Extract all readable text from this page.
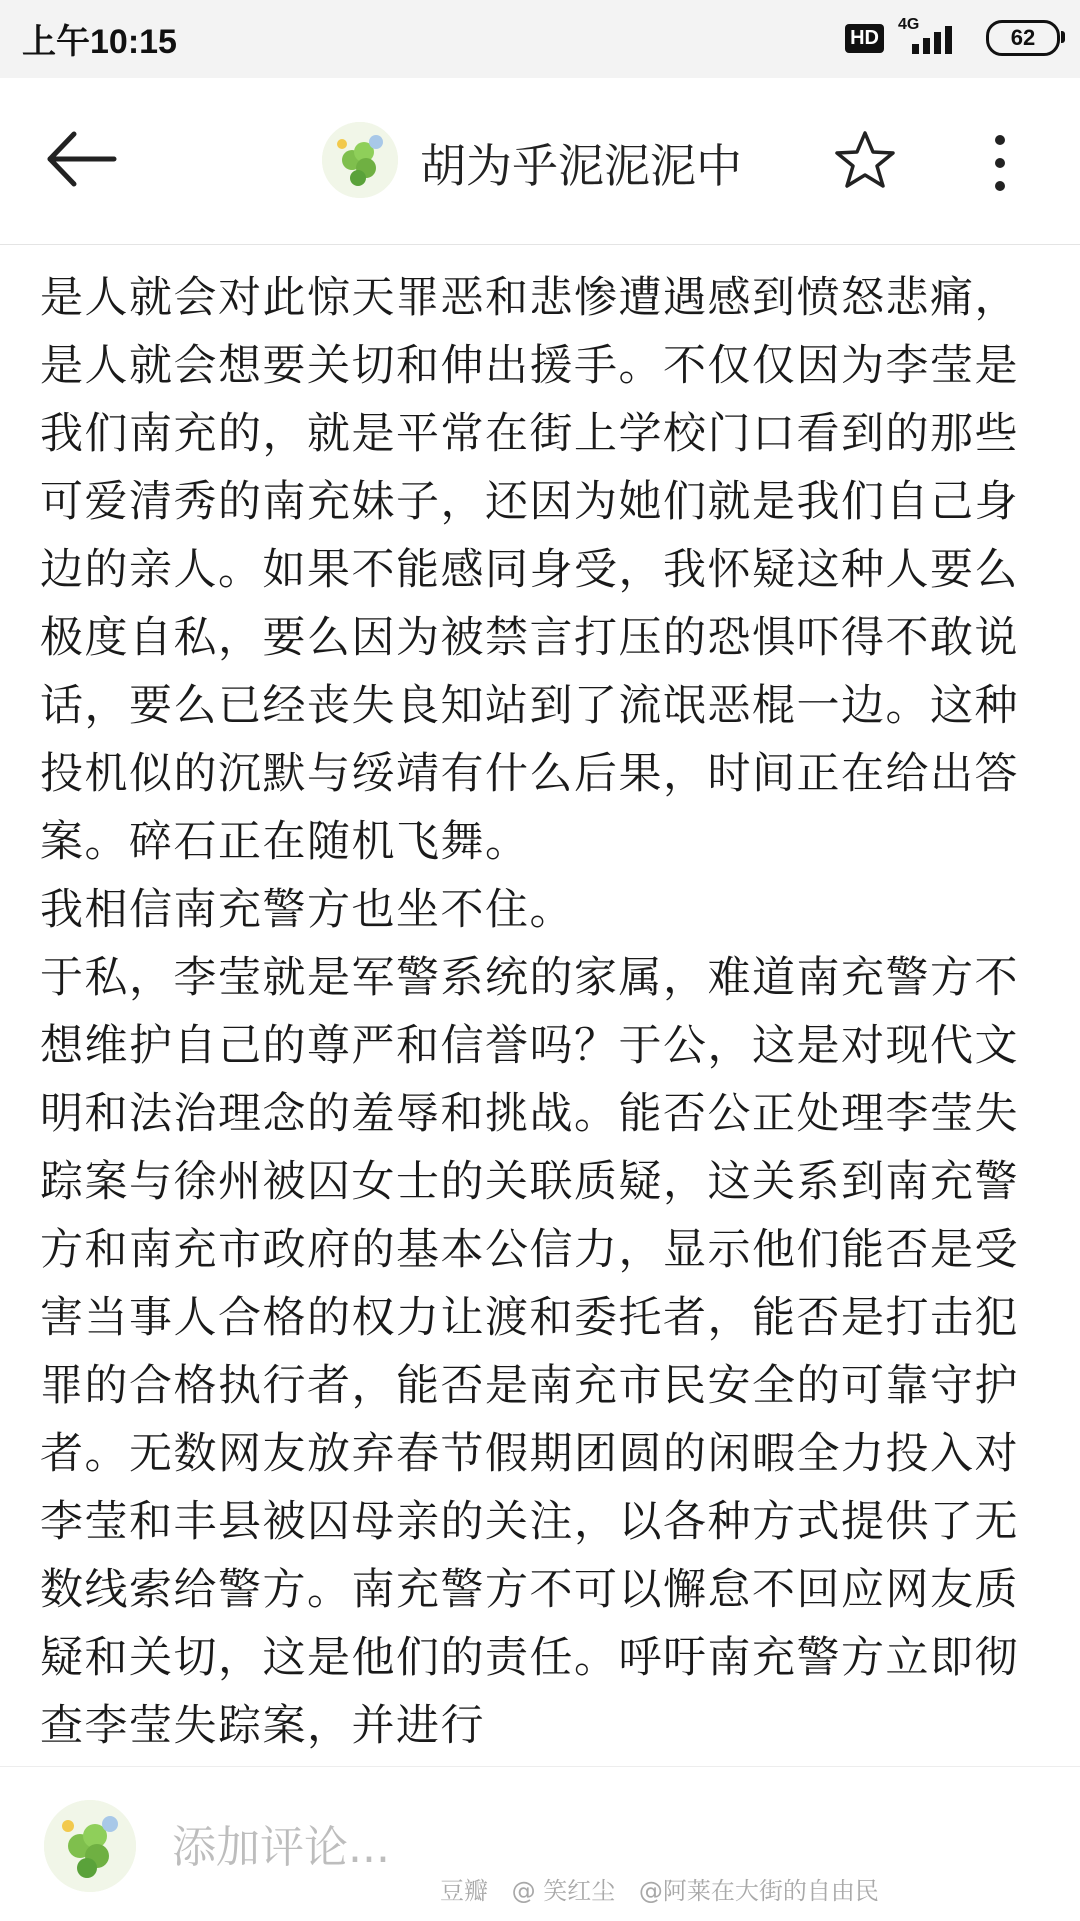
上午10:15	HD
4G
62
胡为乎泥泥泥中

是人就会对此惊天罪恶和悲惨遭遇感到愤怒悲痛，是人就会想要关切和伸出援手。不仅仅因为李莹是我们南充的，就是平常在街上学校门口看到的那些可爱清秀的南充妹子，还因为她们就是我们自己身边的亲人。如果不能感同身受，我怀疑这种人要么极度自私，要么因为被禁言打压的恐惧吓得不敢说话，要么已经丧失良知站到了流氓恶棍一边。这种投机似的沉默与绥靖有什么后果，时间正在给出答案。碎石正在随机飞舞。

我相信南充警方也坐不住。

于私，李莹就是军警系统的家属，难道南充警方不想维护自己的尊严和信誉吗？于公，这是对现代文明和法治理念的羞辱和挑战。能否公正处理李莹失踪案与徐州被囚女士的关联质疑，这关系到南充警方和南充市政府的基本公信力，显示他们能否是受害当事人合格的权力让渡和委托者，能否是打击犯罪的合格执行者，能否是南充市民安全的可靠守护者。无数网友放弃春节假期团圆的闲暇全力投入对李莹和丰县被囚母亲的关注，以各种方式提供了无数线索给警方。南充警方不可以懈怠不回应网友质疑和关切，这是他们的责任。呼吁南充警方立即彻查李莹失踪案，并进行

添加评论...
豆瓣 @ 笑红尘 @阿莱在大街的自由民
